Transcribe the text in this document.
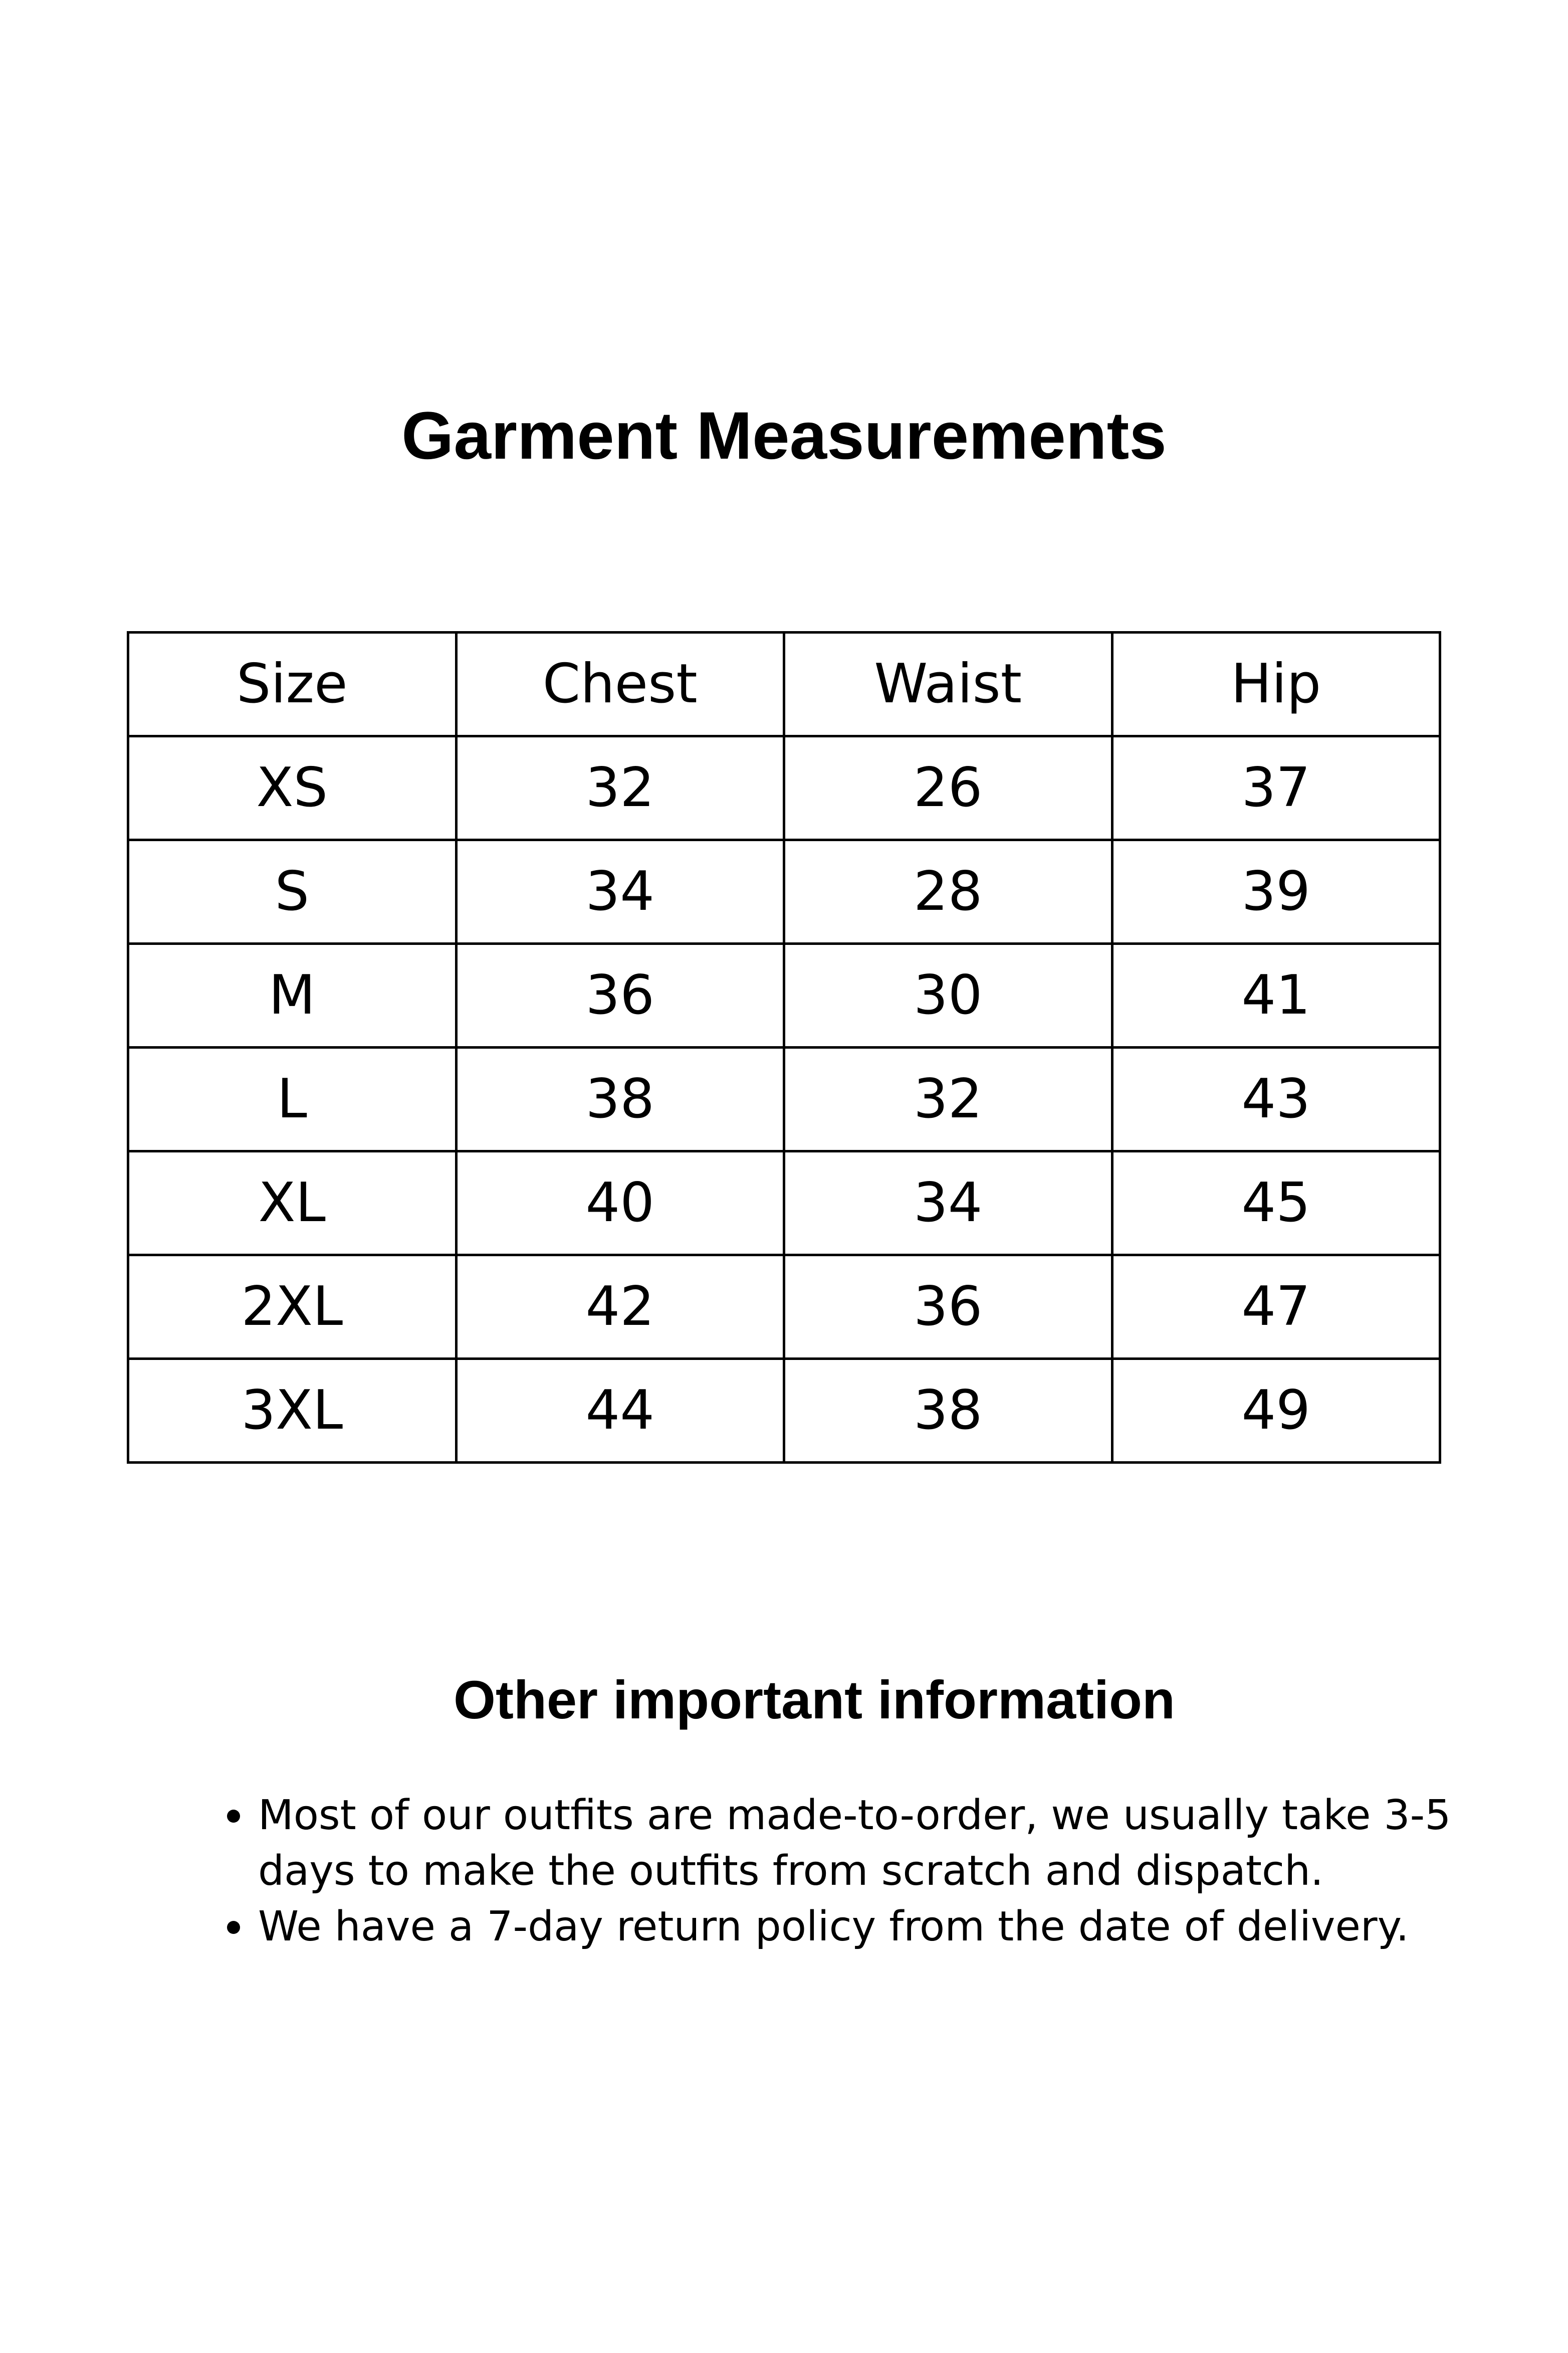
Garment Measurements
Size	Chest	Waist	Hip
XS	32	26	37
S	34	28	39
M	36	30	41
L	38	32	43
XL	40	34	45
2XL	42	36	47
3XL	44	38	49
Other important information
Most of our outfits are made-to-order, we usually take 3-5 days to make the outfits from scratch and dispatch.
We have a 7-day return policy from the date of delivery.
